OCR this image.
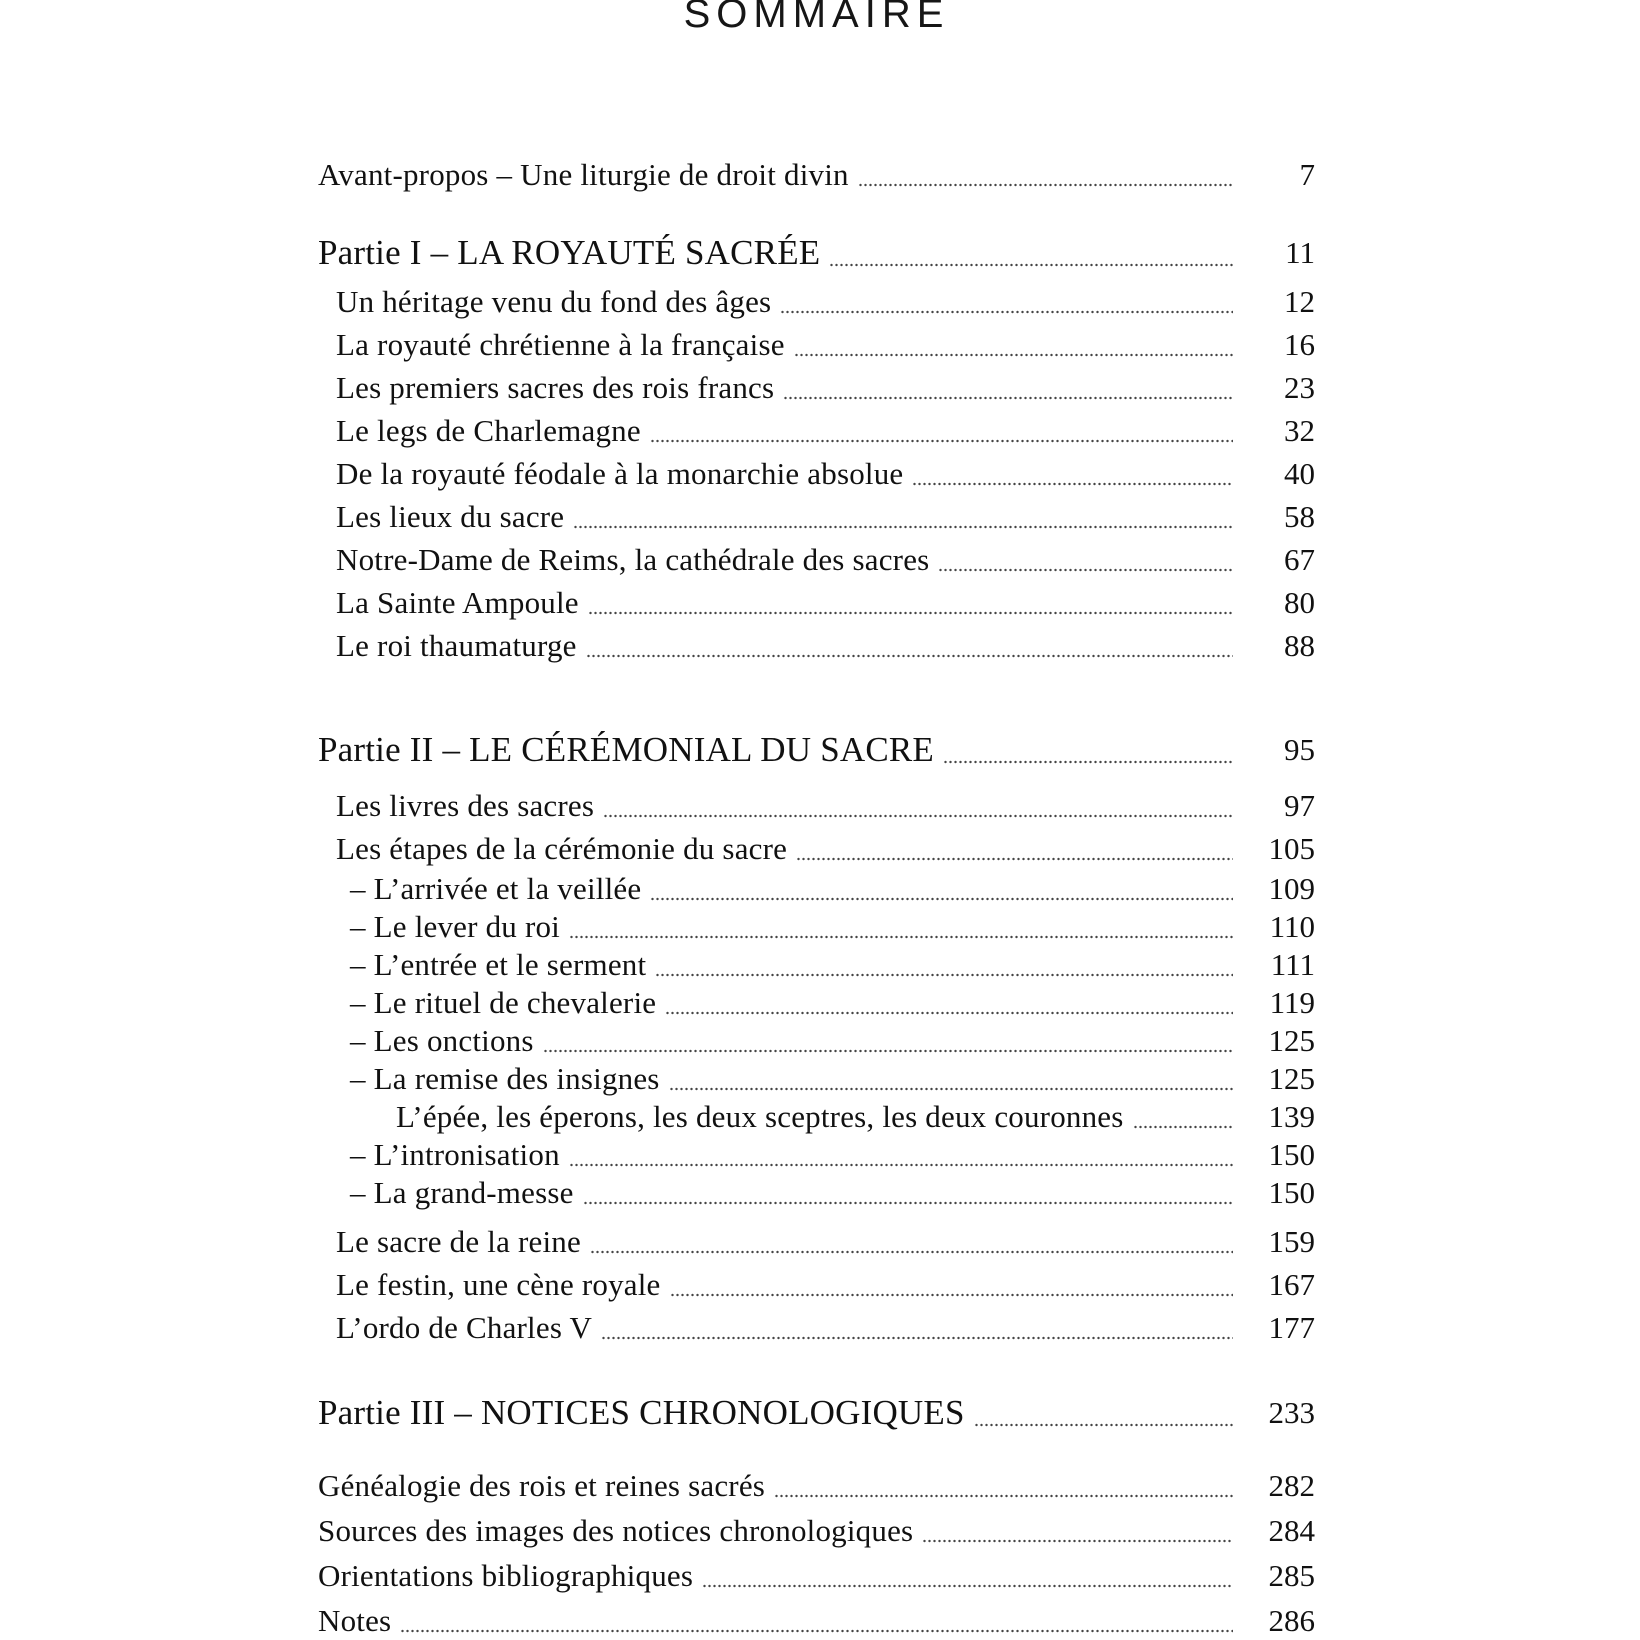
SOMMAIRE
Avant-propos – Une liturgie de droit divin	7
Partie I – LA ROYAUTÉ SACRÉE	11
Un héritage venu du fond des âges	12
La royauté chrétienne à la française	16
Les premiers sacres des rois francs	23
Le legs de Charlemagne	32
De la royauté féodale à la monarchie absolue	40
Les lieux du sacre	58
Notre-Dame de Reims, la cathédrale des sacres	67
La Sainte Ampoule	80
Le roi thaumaturge	88
Partie II – LE CÉRÉMONIAL DU SACRE	95
Les livres des sacres	97
Les étapes de la cérémonie du sacre	105
– L’arrivée et la veillée	109
– Le lever du roi	110
– L’entrée et le serment	111
– Le rituel de chevalerie	119
– Les onctions	125
– La remise des insignes	125
L’épée, les éperons, les deux sceptres, les deux couronnes	139
– L’intronisation	150
– La grand-messe	150
Le sacre de la reine	159
Le festin, une cène royale	167
L’ordo de Charles V	177
Partie III – NOTICES CHRONOLOGIQUES	233
Généalogie des rois et reines sacrés	282
Sources des images des notices chronologiques	284
Orientations bibliographiques	285
Notes	286
